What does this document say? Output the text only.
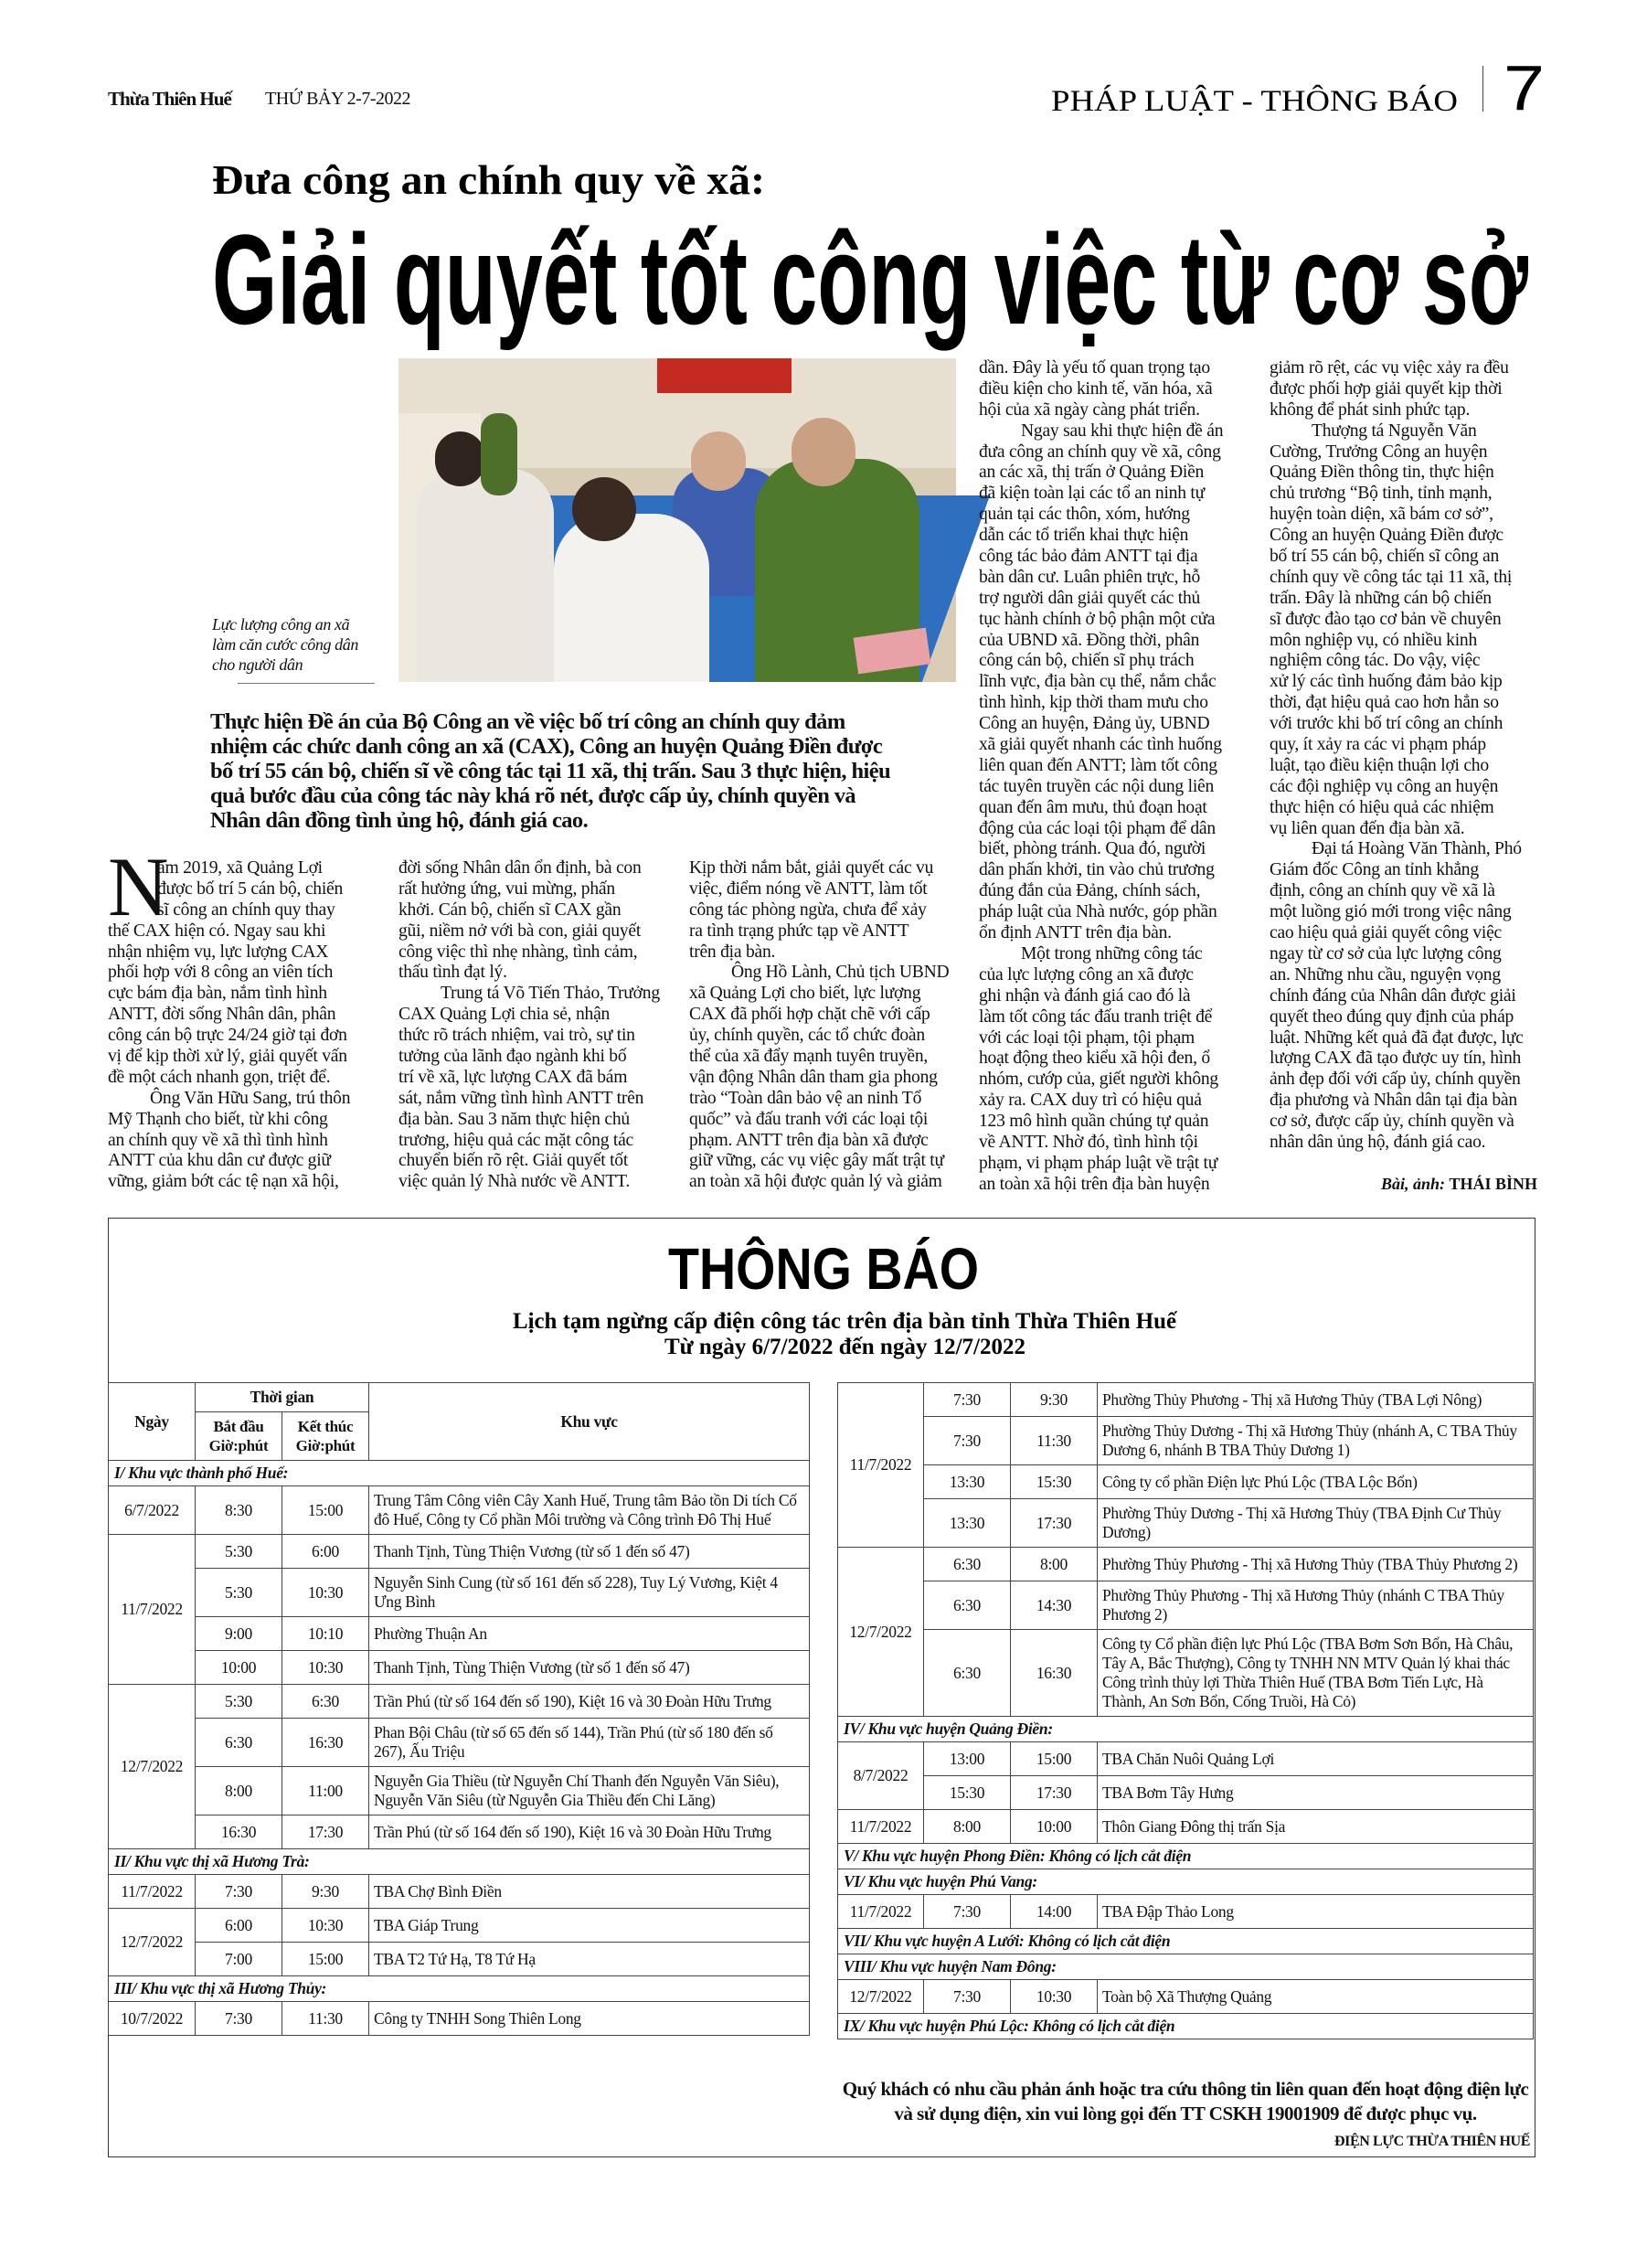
Thừa Thiên Huế THỨ BẢY 2-7-2022	PHÁP LUẬT - THÔNG BÁO	7
Đưa công an chính quy về xã:
Giải quyết tốt công việc từ cơ sở
Lực lượng công an xã
làm căn cước công dân
cho người dân
Thực hiện Đề án của Bộ Công an về việc bố trí công an chính quy đảm
nhiệm các chức danh công an xã (CAX), Công an huyện Quảng Điền được
bố trí 55 cán bộ, chiến sĩ về công tác tại 11 xã, thị trấn. Sau 3 thực hiện, hiệu
quả bước đầu của công tác này khá rõ nét, được cấp ủy, chính quyền và
Nhân dân đồng tình ủng hộ, đánh giá cao.
N
ăm 2019, xã Quảng Lợi
được bố trí 5 cán bộ, chiến
sĩ công an chính quy thay
thế CAX hiện có. Ngay sau khi
nhận nhiệm vụ, lực lượng CAX
phối hợp với 8 công an viên tích
cực bám địa bàn, nắm tình hình
ANTT, đời sống Nhân dân, phân
công cán bộ trực 24/24 giờ tại đơn
vị để kịp thời xử lý, giải quyết vấn
đề một cách nhanh gọn, triệt để.
Ông Văn Hữu Sang, trú thôn
Mỹ Thạnh cho biết, từ khi công
an chính quy về xã thì tình hình
ANTT của khu dân cư được giữ
vững, giảm bớt các tệ nạn xã hội,
đời sống Nhân dân ổn định, bà con
rất hưởng ứng, vui mừng, phấn
khởi. Cán bộ, chiến sĩ CAX gần
gũi, niềm nở với bà con, giải quyết
công việc thì nhẹ nhàng, tình cảm,
thấu tình đạt lý.
Trung tá Võ Tiến Thảo, Trưởng
CAX Quảng Lợi chia sẻ, nhận
thức rõ trách nhiệm, vai trò, sự tin
tưởng của lãnh đạo ngành khi bố
trí về xã, lực lượng CAX đã bám
sát, nắm vững tình hình ANTT trên
địa bàn. Sau 3 năm thực hiện chủ
trương, hiệu quả các mặt công tác
chuyển biến rõ rệt. Giải quyết tốt
việc quản lý Nhà nước về ANTT.
Kịp thời nắm bắt, giải quyết các vụ
việc, điểm nóng về ANTT, làm tốt
công tác phòng ngừa, chưa để xảy
ra tình trạng phức tạp về ANTT
trên địa bàn.
Ông Hồ Lành, Chủ tịch UBND
xã Quảng Lợi cho biết, lực lượng
CAX đã phối hợp chặt chẽ với cấp
ủy, chính quyền, các tổ chức đoàn
thể của xã đẩy mạnh tuyên truyền,
vận động Nhân dân tham gia phong
trào “Toàn dân bảo vệ an ninh Tổ
quốc” và đấu tranh với các loại tội
phạm. ANTT trên địa bàn xã được
giữ vững, các vụ việc gây mất trật tự
an toàn xã hội được quản lý và giảm
dần. Đây là yếu tố quan trọng tạo
điều kiện cho kinh tế, văn hóa, xã
hội của xã ngày càng phát triển.
Ngay sau khi thực hiện đề án
đưa công an chính quy về xã, công
an các xã, thị trấn ở Quảng Điền
đã kiện toàn lại các tổ an ninh tự
quản tại các thôn, xóm, hướng
dẫn các tổ triển khai thực hiện
công tác bảo đảm ANTT tại địa
bàn dân cư. Luân phiên trực, hỗ
trợ người dân giải quyết các thủ
tục hành chính ở bộ phận một cửa
của UBND xã. Đồng thời, phân
công cán bộ, chiến sĩ phụ trách
lĩnh vực, địa bàn cụ thể, nắm chắc
tình hình, kịp thời tham mưu cho
Công an huyện, Đảng ủy, UBND
xã giải quyết nhanh các tình huống
liên quan đến ANTT; làm tốt công
tác tuyên truyền các nội dung liên
quan đến âm mưu, thủ đoạn hoạt
động của các loại tội phạm để dân
biết, phòng tránh. Qua đó, người
dân phấn khởi, tin vào chủ trương
đúng đắn của Đảng, chính sách,
pháp luật của Nhà nước, góp phần
ổn định ANTT trên địa bàn.
Một trong những công tác
của lực lượng công an xã được
ghi nhận và đánh giá cao đó là
làm tốt công tác đấu tranh triệt để
với các loại tội phạm, tội phạm
hoạt động theo kiểu xã hội đen, ổ
nhóm, cướp của, giết người không
xảy ra. CAX duy trì có hiệu quả
123 mô hình quần chúng tự quản
về ANTT. Nhờ đó, tình hình tội
phạm, vi phạm pháp luật về trật tự
an toàn xã hội trên địa bàn huyện
giảm rõ rệt, các vụ việc xảy ra đều
được phối hợp giải quyết kịp thời
không để phát sinh phức tạp.
Thượng tá Nguyễn Văn
Cường, Trưởng Công an huyện
Quảng Điền thông tin, thực hiện
chủ trương “Bộ tinh, tỉnh mạnh,
huyện toàn diện, xã bám cơ sở”,
Công an huyện Quảng Điền được
bố trí 55 cán bộ, chiến sĩ công an
chính quy về công tác tại 11 xã, thị
trấn. Đây là những cán bộ chiến
sĩ được đào tạo cơ bản về chuyên
môn nghiệp vụ, có nhiều kinh
nghiệm công tác. Do vậy, việc
xử lý các tình huống đảm bảo kịp
thời, đạt hiệu quả cao hơn hẳn so
với trước khi bố trí công an chính
quy, ít xảy ra các vi phạm pháp
luật, tạo điều kiện thuận lợi cho
các đội nghiệp vụ công an huyện
thực hiện có hiệu quả các nhiệm
vụ liên quan đến địa bàn xã.
Đại tá Hoàng Văn Thành, Phó
Giám đốc Công an tỉnh khẳng
định, công an chính quy về xã là
một luồng gió mới trong việc nâng
cao hiệu quả giải quyết công việc
ngay từ cơ sở của lực lượng công
an. Những nhu cầu, nguyện vọng
chính đáng của Nhân dân được giải
quyết theo đúng quy định của pháp
luật. Những kết quả đã đạt được, lực
lượng CAX đã tạo được uy tín, hình
ảnh đẹp đối với cấp ủy, chính quyền
địa phương và Nhân dân tại địa bàn
cơ sở, được cấp ủy, chính quyền và
nhân dân ủng hộ, đánh giá cao.
Bài, ảnh: THÁI BÌNH
THÔNG BÁO
Lịch tạm ngừng cấp điện công tác trên địa bàn tỉnh Thừa Thiên Huế
Từ ngày 6/7/2022 đến ngày 12/7/2022
Ngày	Thời gian		Khu vực
	Bắt đầu Giờ:phút	Kết thúc Giờ:phút	
I/ Khu vực thành phố Huế:			
6/7/2022	8:30	15:00	Trung Tâm Công viên Cây Xanh Huế, Trung tâm Bảo tồn Di tích Cố đô Huế, Công ty Cổ phần Môi trường và Công trình Đô Thị Huế
11/7/2022	5:30	6:00	Thanh Tịnh, Tùng Thiện Vương (từ số 1 đến số 47)
	5:30	10:30	Nguyễn Sinh Cung (từ số 161 đến số 228), Tuy Lý Vương, Kiệt 4 Ưng Bình
	9:00	10:10	Phường Thuận An
	10:00	10:30	Thanh Tịnh, Tùng Thiện Vương (từ số 1 đến số 47)
12/7/2022	5:30	6:30	Trần Phú (từ số 164 đến số 190), Kiệt 16 và 30 Đoàn Hữu Trưng
	6:30	16:30	Phan Bội Châu (từ số 65 đến số 144), Trần Phú (từ số 180 đến số 267), Ấu Triệu
	8:00	11:00	Nguyễn Gia Thiều (từ Nguyễn Chí Thanh đến Nguyễn Văn Siêu), Nguyễn Văn Siêu (từ Nguyễn Gia Thiều đến Chi Lăng)
	16:30	17:30	Trần Phú (từ số 164 đến số 190), Kiệt 16 và 30 Đoàn Hữu Trưng
II/ Khu vực thị xã Hương Trà:			
11/7/2022	7:30	9:30	TBA Chợ Bình Điền
12/7/2022	6:00	10:30	TBA Giáp Trung
	7:00	15:00	TBA T2 Tứ Hạ, T8 Tứ Hạ
III/ Khu vực thị xã Hương Thủy:			
10/7/2022	7:30	11:30	Công ty TNHH Song Thiên Long
11/7/2022	7:30	9:30	Phường Thủy Phương - Thị xã Hương Thủy (TBA Lợi Nông)
	7:30	11:30	Phường Thủy Dương - Thị xã Hương Thủy (nhánh A, C TBA Thủy Dương 6, nhánh B TBA Thủy Dương 1)
	13:30	15:30	Công ty cổ phần Điện lực Phú Lộc (TBA Lộc Bổn)
	13:30	17:30	Phường Thủy Dương - Thị xã Hương Thủy (TBA Định Cư Thủy Dương)
12/7/2022	6:30	8:00	Phường Thủy Phương - Thị xã Hương Thủy (TBA Thủy Phương 2)
	6:30	14:30	Phường Thủy Phương - Thị xã Hương Thủy (nhánh C TBA Thủy Phương 2)
	6:30	16:30	Công ty Cổ phần điện lực Phú Lộc (TBA Bơm Sơn Bổn, Hà Châu, Tây A, Bắc Thượng), Công ty TNHH NN MTV Quản lý khai thác Công trình thủy lợi Thừa Thiên Huế (TBA Bơm Tiến Lực, Hà Thành, An Sơn Bổn, Cống Truồi, Hà Cỏ)
IV/ Khu vực huyện Quảng Điền:			
8/7/2022	13:00	15:00	TBA Chăn Nuôi Quảng Lợi
	15:30	17:30	TBA Bơm Tây Hưng
11/7/2022	8:00	10:00	Thôn Giang Đông thị trấn Sịa
V/ Khu vực huyện Phong Điền: Không có lịch cắt điện			
VI/ Khu vực huyện Phú Vang:			
11/7/2022	7:30	14:00	TBA Đập Thảo Long
VII/ Khu vực huyện A Lưới: Không có lịch cắt điện			
VIII/ Khu vực huyện Nam Đông:			
12/7/2022	7:30	10:30	Toàn bộ Xã Thượng Quảng
IX/ Khu vực huyện Phú Lộc: Không có lịch cắt điện			
Quý khách có nhu cầu phản ánh hoặc tra cứu thông tin liên quan đến hoạt động điện lực và sử dụng điện, xin vui lòng gọi đến TT CSKH 19001909 để được phục vụ.
ĐIỆN LỰC THỪA THIÊN HUẾ
